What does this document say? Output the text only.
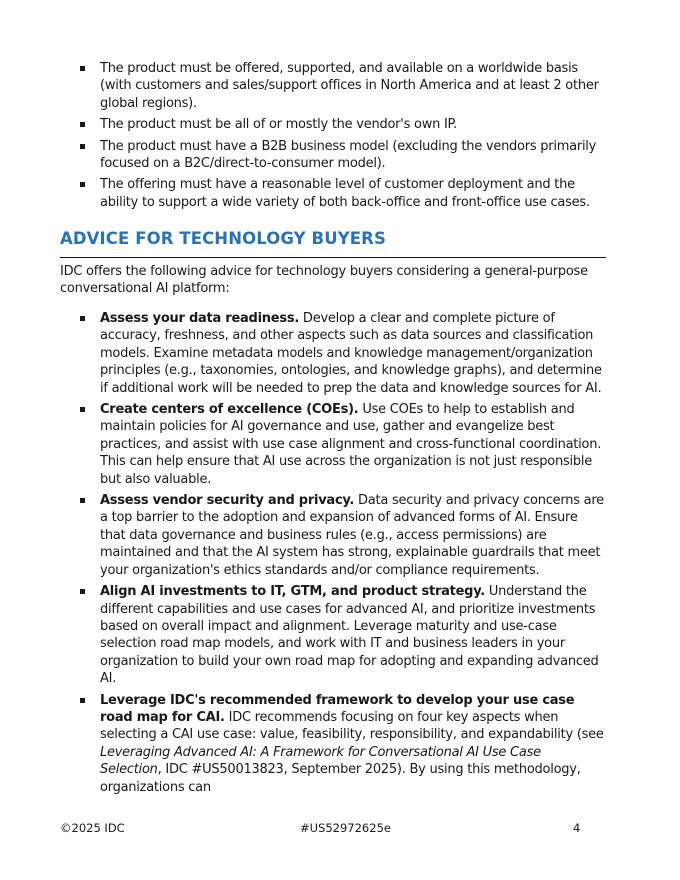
The product must be offered, supported, and available on a worldwide basis (with customers and sales/support offices in North America and at least 2 other global regions).
The product must be all of or mostly the vendor's own IP.
The product must have a B2B business model (excluding the vendors primarily focused on a B2C/direct-to-consumer model).
The offering must have a reasonable level of customer deployment and the ability to support a wide variety of both back-office and front-office use cases.
ADVICE FOR TECHNOLOGY BUYERS
IDC offers the following advice for technology buyers considering a general-purpose conversational AI platform:
Assess your data readiness. Develop a clear and complete picture of accuracy, freshness, and other aspects such as data sources and classification models. Examine metadata models and knowledge management/organization principles (e.g., taxonomies, ontologies, and knowledge graphs), and determine if additional work will be needed to prep the data and knowledge sources for AI.
Create centers of excellence (COEs). Use COEs to help to establish and maintain policies for AI governance and use, gather and evangelize best practices, and assist with use case alignment and cross-functional coordination. This can help ensure that AI use across the organization is not just responsible but also valuable.
Assess vendor security and privacy. Data security and privacy concerns are a top barrier to the adoption and expansion of advanced forms of AI. Ensure that data governance and business rules (e.g., access permissions) are maintained and that the AI system has strong, explainable guardrails that meet your organization's ethics standards and/or compliance requirements.
Align AI investments to IT, GTM, and product strategy. Understand the different capabilities and use cases for advanced AI, and prioritize investments based on overall impact and alignment. Leverage maturity and use-case selection road map models, and work with IT and business leaders in your organization to build your own road map for adopting and expanding advanced AI.
Leverage IDC's recommended framework to develop your use case road map for CAI. IDC recommends focusing on four key aspects when selecting a CAI use case: value, feasibility, responsibility, and expandability (see Leveraging Advanced AI: A Framework for Conversational AI Use Case Selection, IDC #US50013823, September 2025). By using this methodology, organizations can
©2025 IDC	#US52972625e	4
